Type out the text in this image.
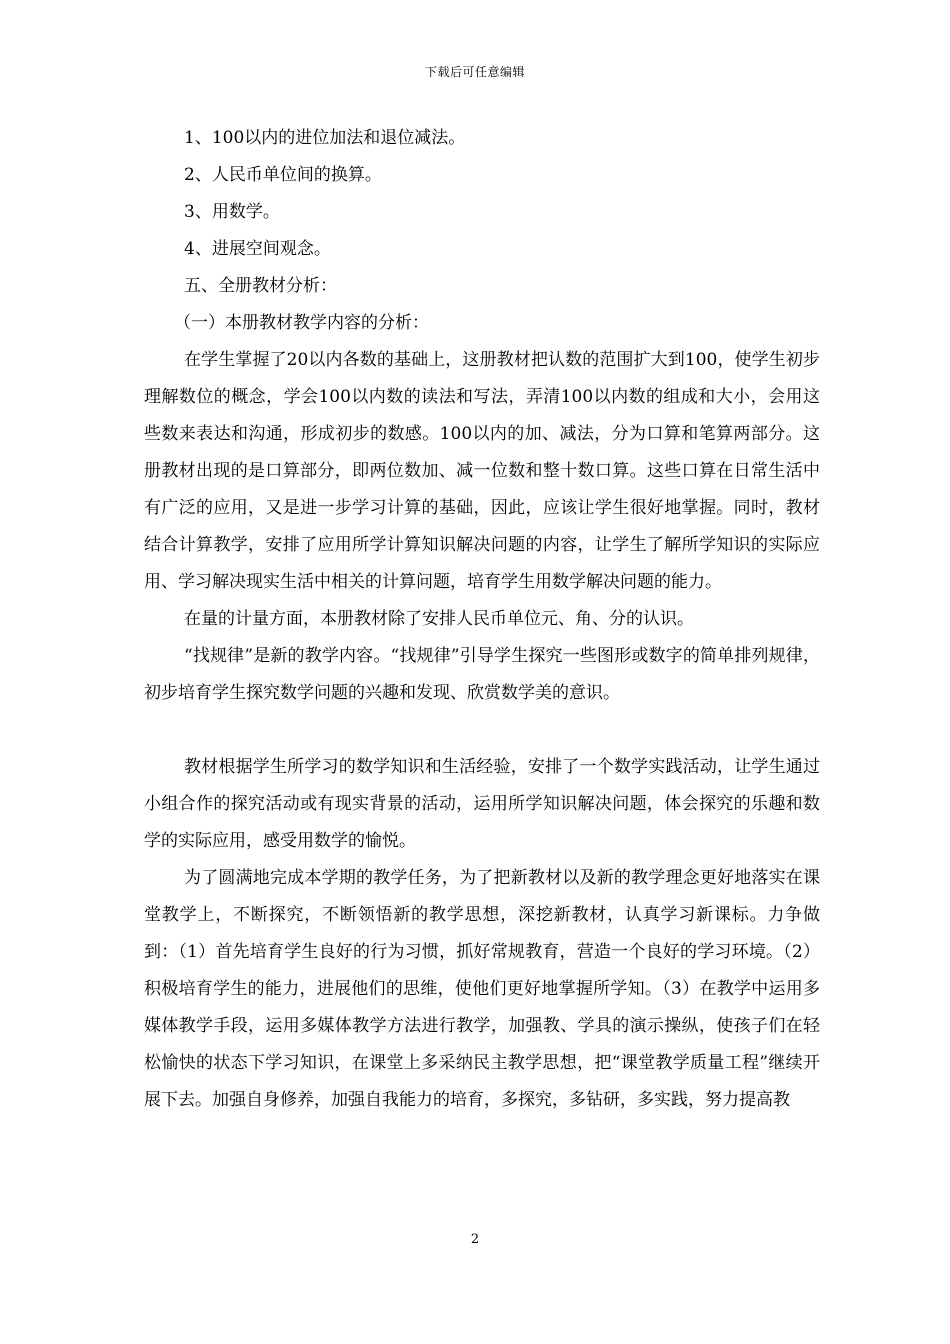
下载后可任意编辑

1、100以内的进位加法和退位减法。

2、人民币单位间的换算。

3、用数学。

4、进展空间观念。

五、全册教材分析：

（一）本册教材教学内容的分析：

在学生掌握了20以内各数的基础上，这册教材把认数的范围扩大到100，使学生初步理解数位的概念，学会100以内数的读法和写法，弄清100以内数的组成和大小，会用这些数来表达和沟通，形成初步的数感。100以内的加、减法，分为口算和笔算两部分。这册教材出现的是口算部分，即两位数加、减一位数和整十数口算。这些口算在日常生活中有广泛的应用，又是进一步学习计算的基础，因此，应该让学生很好地掌握。同时，教材结合计算教学，安排了应用所学计算知识解决问题的内容，让学生了解所学知识的实际应用、学习解决现实生活中相关的计算问题，培育学生用数学解决问题的能力。

在量的计量方面，本册教材除了安排人民币单位元、角、分的认识。

“找规律”是新的教学内容。“找规律”引导学生探究一些图形或数字的简单排列规律，初步培育学生探究数学问题的兴趣和发现、欣赏数学美的意识。

教材根据学生所学习的数学知识和生活经验，安排了一个数学实践活动，让学生通过小组合作的探究活动或有现实背景的活动，运用所学知识解决问题，体会探究的乐趣和数学的实际应用，感受用数学的愉悦。

为了圆满地完成本学期的教学任务，为了把新教材以及新的教学理念更好地落实在课堂教学上，不断探究，不断领悟新的教学思想，深挖新教材，认真学习新课标。力争做到：（1）首先培育学生良好的行为习惯，抓好常规教育，营造一个良好的学习环境。（2）积极培育学生的能力，进展他们的思维，使他们更好地掌握所学知。（3）在教学中运用多媒体教学手段，运用多媒体教学方法进行教学，加强教、学具的演示操纵，使孩子们在轻松愉快的状态下学习知识，在课堂上多采纳民主教学思想，把“课堂教学质量工程”继续开展下去。加强自身修养，加强自我能力的培育，多探究，多钻研，多实践，努力提高教

2
